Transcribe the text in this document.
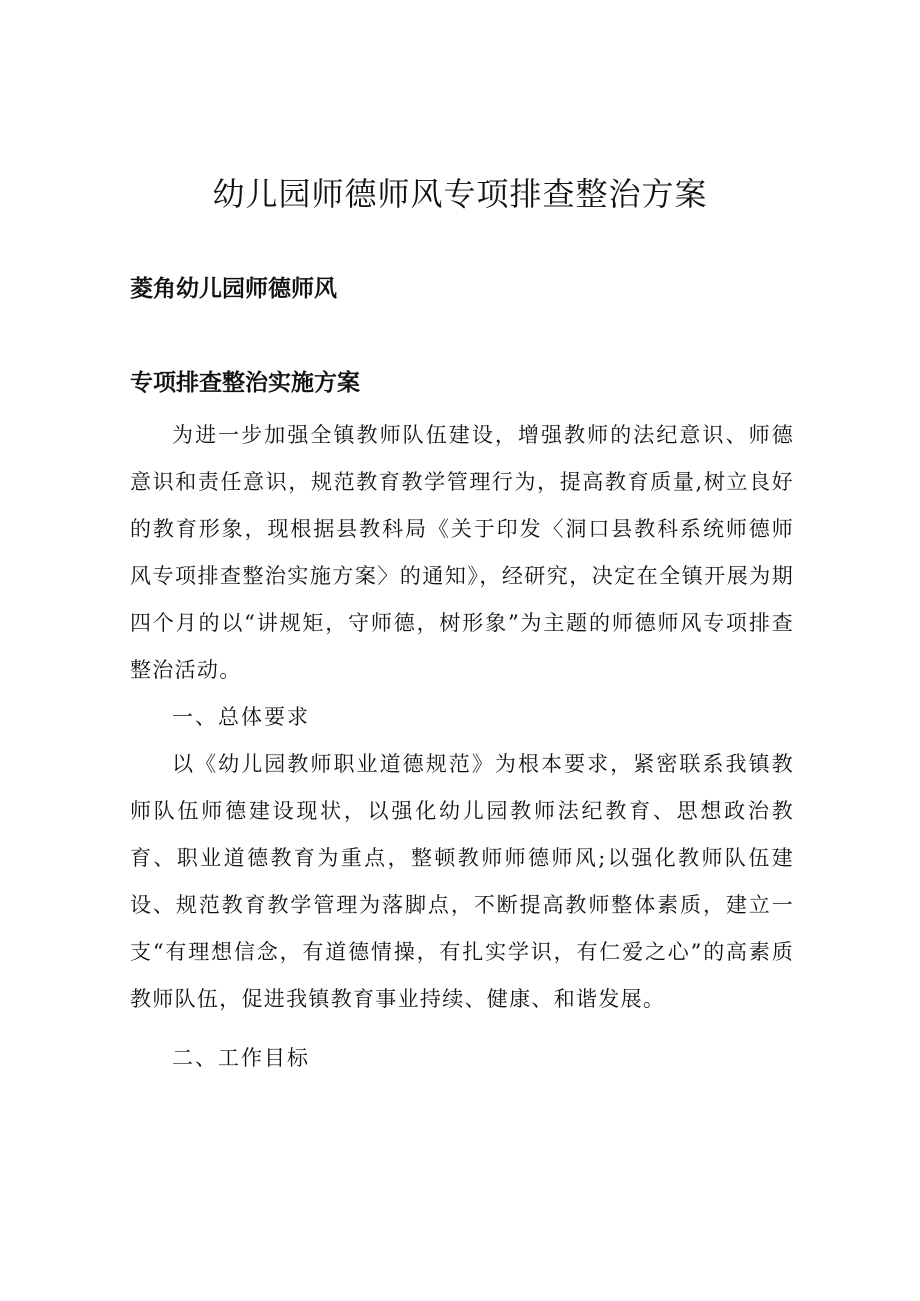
幼儿园师德师风专项排查整治方案
菱角幼儿园师德师风
专项排查整治实施方案

为进一步加强全镇教师队伍建设，增强教师的法纪意识、师德意识和责任意识，规范教育教学管理行为，提高教育质量,树立良好的教育形象，现根据县教科局《关于印发〈洞口县教科系统师德师风专项排查整治实施方案〉的通知》，经研究，决定在全镇开展为期四个月的以“讲规矩，守师德，树形象”为主题的师德师风专项排查整治活动。

一、总体要求

以《幼儿园教师职业道德规范》为根本要求，紧密联系我镇教师队伍师德建设现状，以强化幼儿园教师法纪教育、思想政治教育、职业道德教育为重点，整顿教师师德师风;以强化教师队伍建设、规范教育教学管理为落脚点，不断提高教师整体素质，建立一支“有理想信念，有道德情操，有扎实学识，有仁爱之心”的高素质教师队伍，促进我镇教育事业持续、健康、和谐发展。

二、工作目标
